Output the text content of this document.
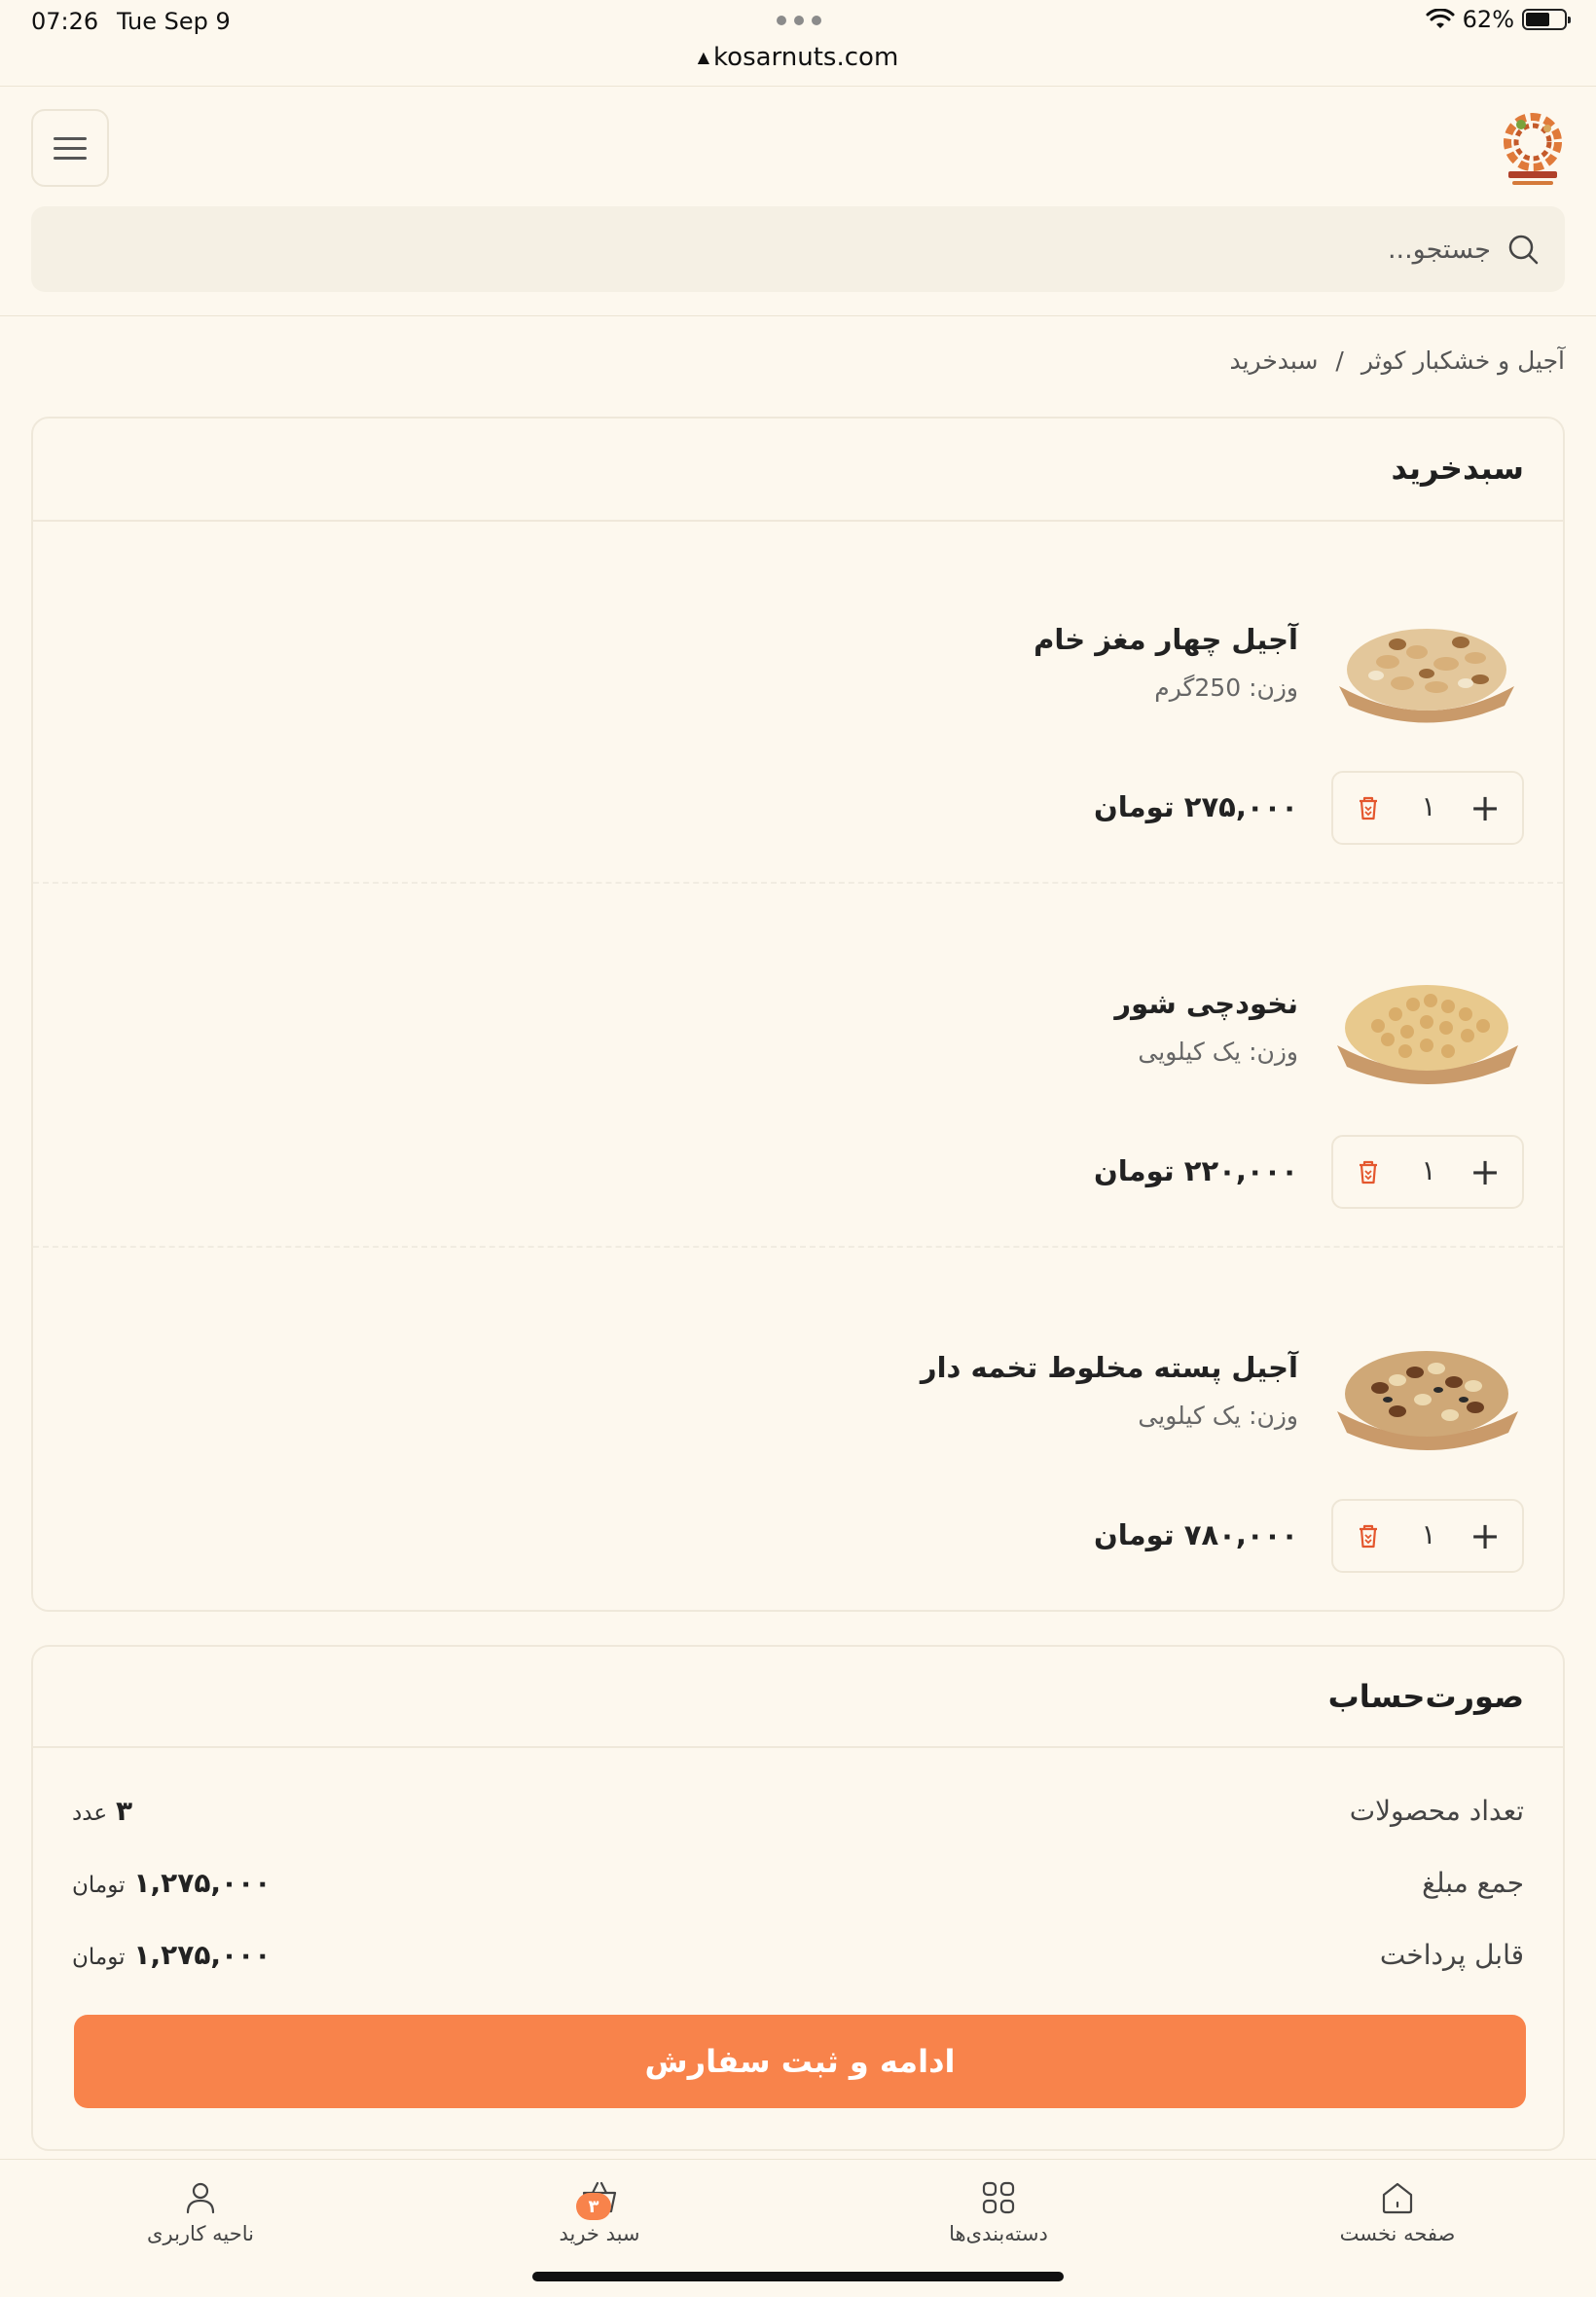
07:26 Tue Sep 9
▲ kosarnuts.com
62%
جستجو...
آجیل و خشکبار کوثر
/
سبدخرید
سبدخرید
آجیل چهار مغز خام
وزن: 250گرم
+
۱
۲۷۵,۰۰۰ تومان
نخودچی شور
وزن: یک کیلویی
+
۱
۲۲۰,۰۰۰ تومان
آجیل پسته مخلوط تخمه دار
وزن: یک کیلویی
+
۱
۷۸۰,۰۰۰ تومان
صورت‌حساب
تعداد محصولات
۳ عدد
جمع مبلغ
۱,۲۷۵,۰۰۰ تومان
قابل پرداخت
۱,۲۷۵,۰۰۰ تومان
ادامه و ثبت سفارش
صفحه نخست
دسته‌بندی‌ها
۳
سبد خرید
ناحیه کاربری
